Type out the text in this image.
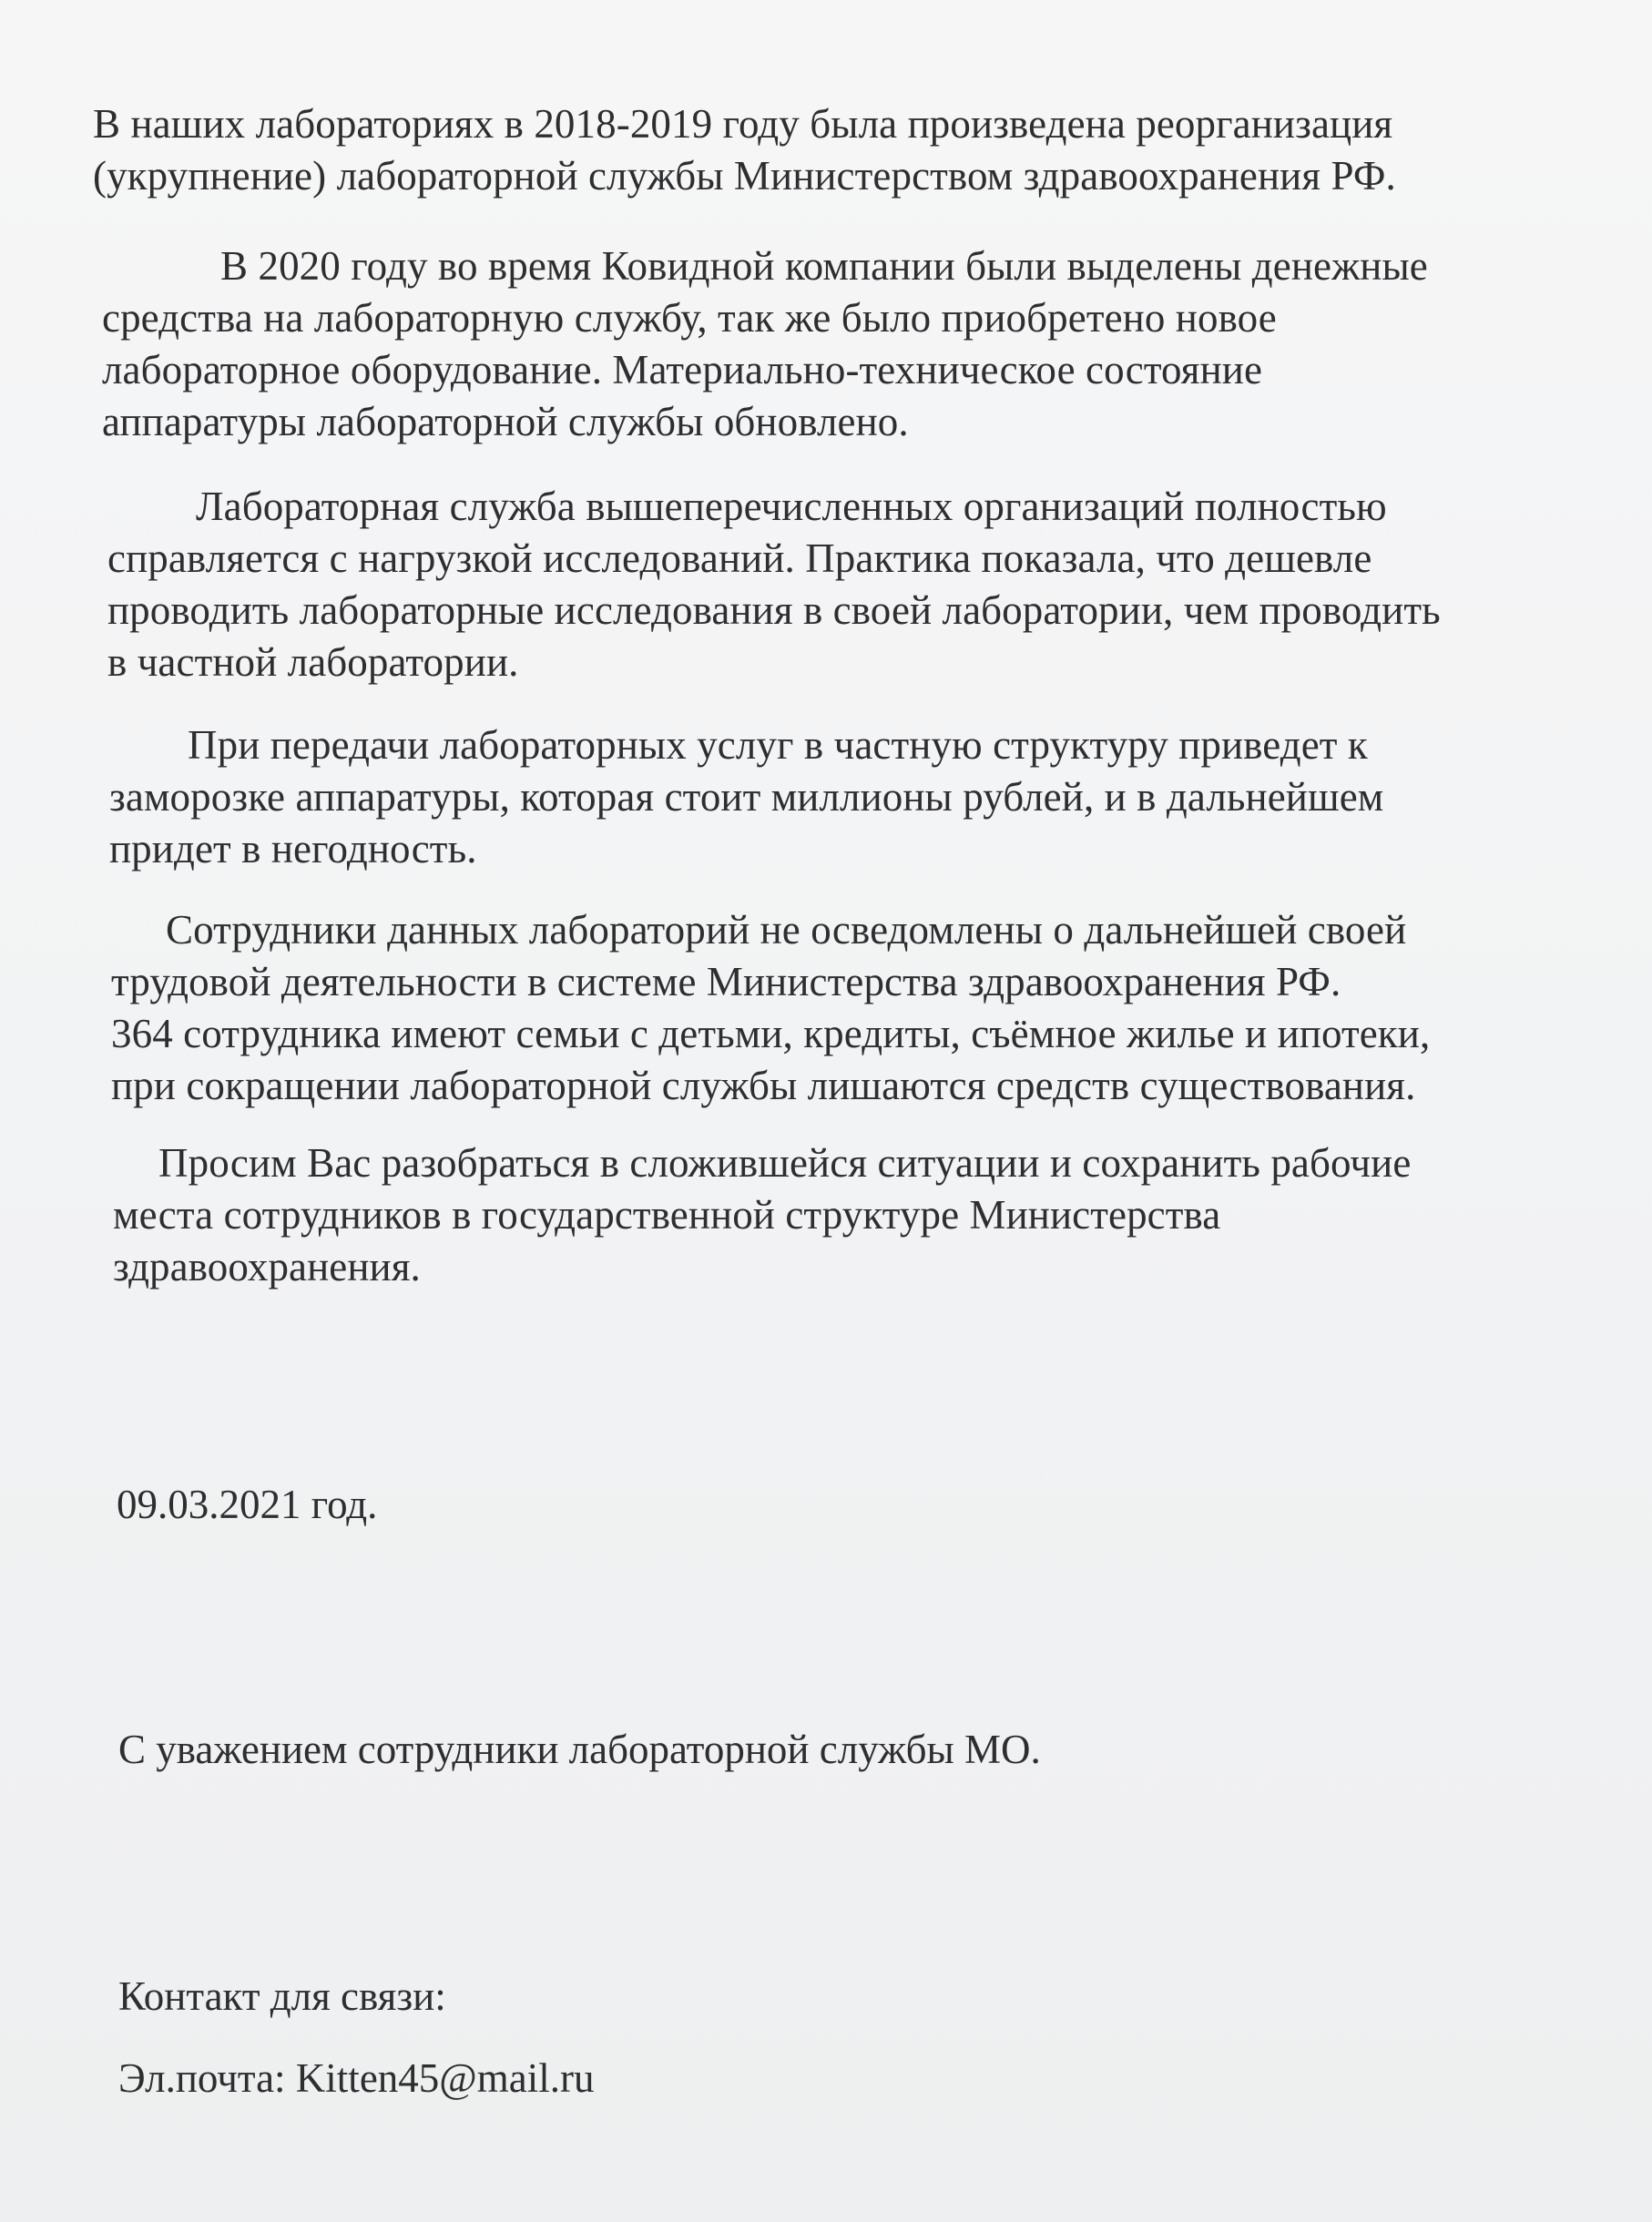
В наших лабораториях в 2018-2019 году была произведена реорганизация
(укрупнение) лабораторной службы Министерством здравоохранения РФ.

В 2020 году во время Ковидной компании были выделены денежные
средства на лабораторную службу, так же было приобретено новое
лабораторное оборудование. Материально-техническое состояние
аппаратуры лабораторной службы обновлено.

Лабораторная служба вышеперечисленных организаций полностью
справляется с нагрузкой исследований. Практика показала, что дешевле
проводить лабораторные исследования в своей лаборатории, чем проводить
в частной лаборатории.

При передачи лабораторных услуг в частную структуру приведет к
заморозке аппаратуры, которая стоит миллионы рублей, и в дальнейшем
придет в негодность.

Сотрудники данных лабораторий не осведомлены о дальнейшей своей
трудовой деятельности в системе Министерства здравоохранения РФ.
364 сотрудника имеют семьи с детьми, кредиты, съёмное жилье и ипотеки,
при сокращении лабораторной службы лишаются средств существования.

Просим Вас разобраться в сложившейся ситуации и сохранить рабочие
места сотрудников в государственной структуре Министерства
здравоохранения.

09.03.2021 год.

С уважением сотрудники лабораторной службы МО.

Контакт для связи:

Эл.почта: Kitten45@mail.ru
